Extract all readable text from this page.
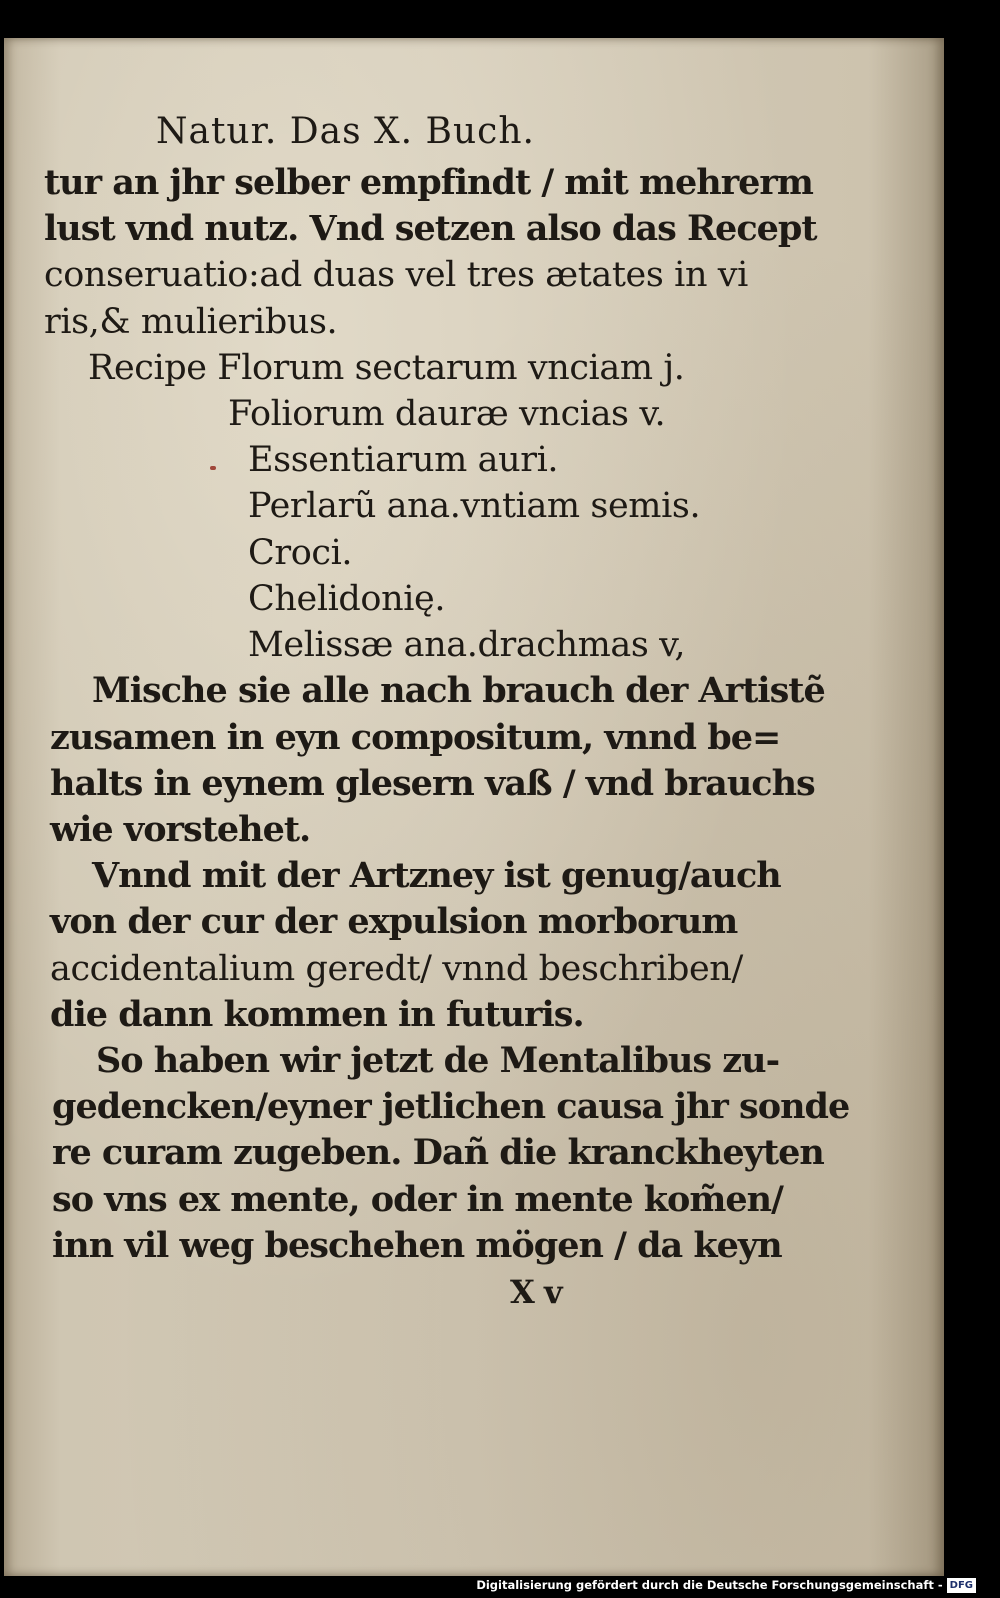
Natur. Das X. Buch.
tur an jhr selber empfindt / mit mehrerm
lust vnd nutz. Vnd setzen also das Recept
conseruatio:ad duas vel tres ætates in vi
ris,& mulieribus.
Recipe Florum sectarum vnciam j.
Foliorum dauræ vncias v.
Essentiarum auri.
Perlarũ ana.vntiam semis.
Croci.
Chelidonię.
Melissæ ana.drachmas v,
Mische sie alle nach brauch der Artistẽ
zusamen in eyn compositum, vnnd be=
halts in eynem glesern vaß / vnd brauchs
wie vorstehet.
Vnnd mit der Artzney ist genug/auch
von der cur der expulsion morborum
accidentalium geredt/ vnnd beschriben/
die dann kommen in futuris.
So haben wir jetzt de Mentalibus zu-
gedencken/eyner jetlichen causa jhr sonde
re curam zugeben. Dañ die kranckheyten
so vns ex mente, oder in mente kom̃en/
inn vil weg beschehen mögen / da keyn
X v
Digitalisierung gefördert durch die Deutsche Forschungsgemeinschaft - DFG
